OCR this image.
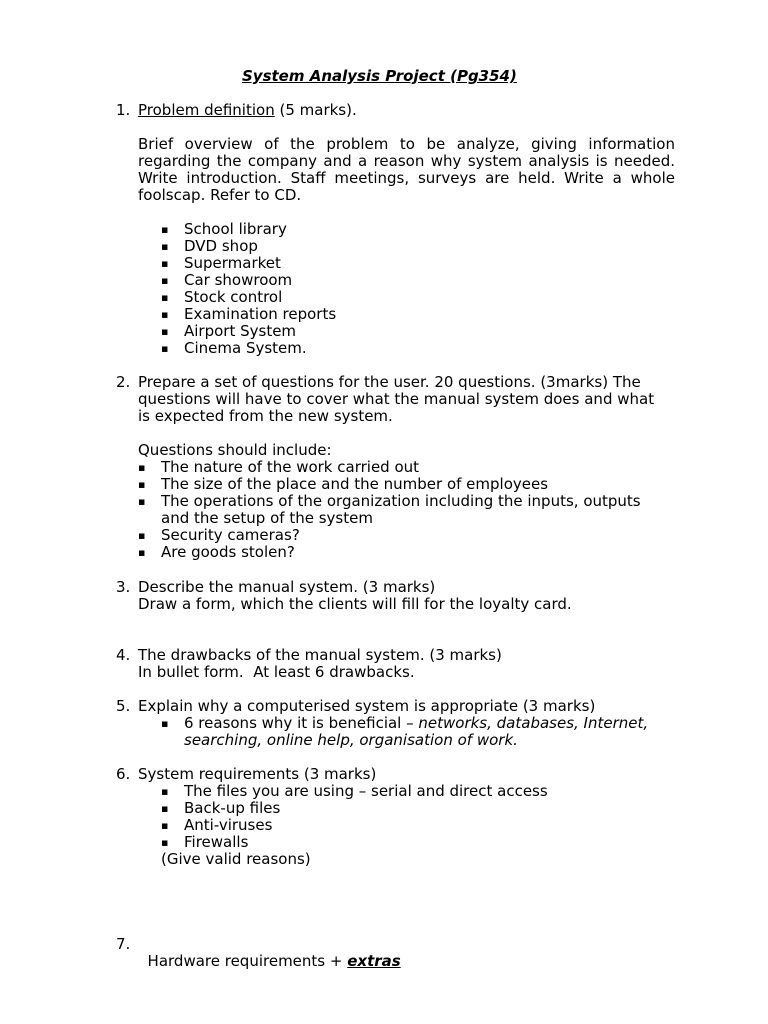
System Analysis Project (Pg354)
1. Problem definition (5 marks).
Brief overview of the problem to be analyze, giving information regarding the company and a reason why system analysis is needed. Write introduction. Staff meetings, surveys are held. Write a whole foolscap. Refer to CD.
▪ School library
▪ DVD shop
▪ Supermarket
▪ Car showroom
▪ Stock control
▪ Examination reports
▪ Airport System
▪ Cinema System.
2. Prepare a set of questions for the user. 20 questions. (3marks) The
questions will have to cover what the manual system does and what
is expected from the new system.
Questions should include:
▪ The nature of the work carried out
▪ The size of the place and the number of employees
▪ The operations of the organization including the inputs, outputs
and the setup of the system
▪ Security cameras?
▪ Are goods stolen?
3. Describe the manual system. (3 marks)
Draw a form, which the clients will fill for the loyalty card.
4. The drawbacks of the manual system. (3 marks)
In bullet form.  At least 6 drawbacks.
5. Explain why a computerised system is appropriate (3 marks)
▪ 6 reasons why it is beneficial – networks, databases, Internet,
searching, online help, organisation of work.
6. System requirements (3 marks)
▪ The files you are using – serial and direct access
▪ Back-up files
▪ Anti-viruses
▪ Firewalls
(Give valid reasons)
7.

Hardware requirements + extras
